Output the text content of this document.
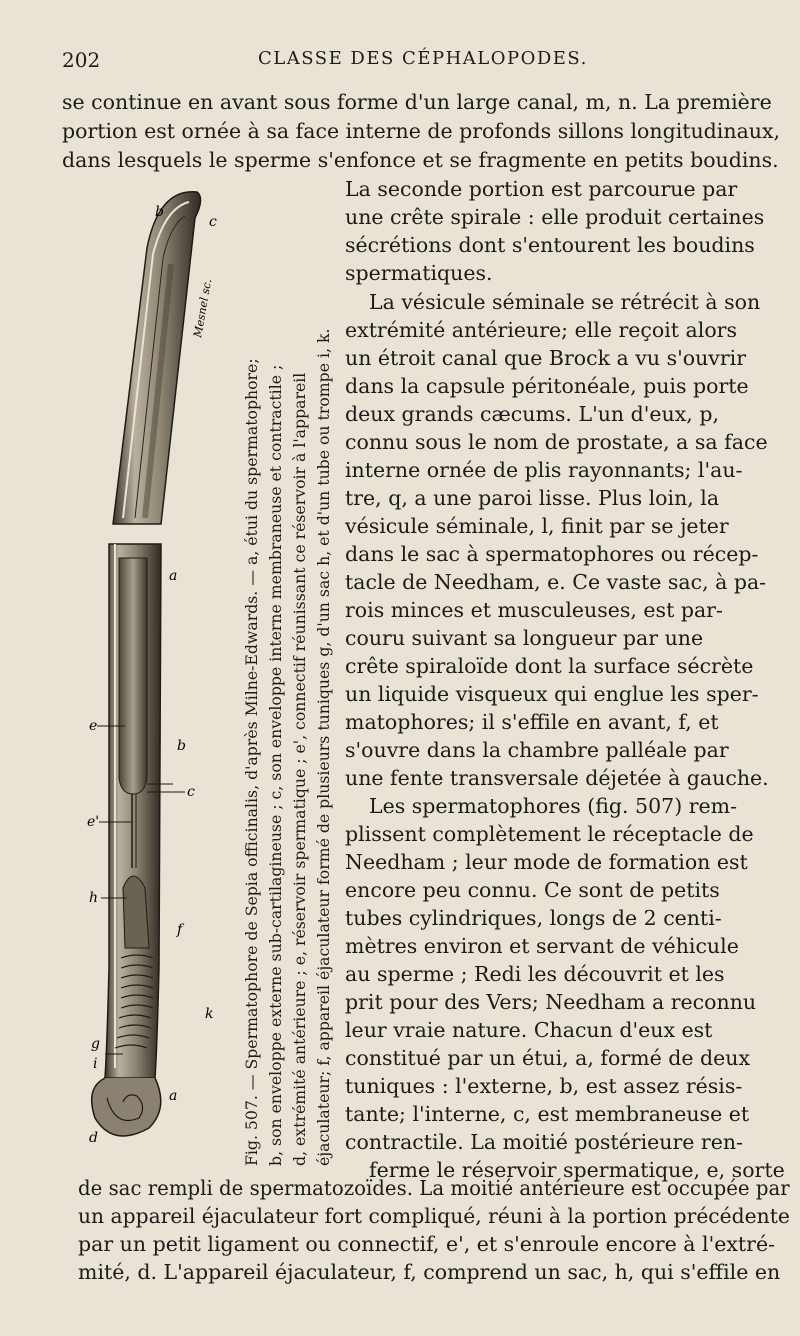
202	CLASSE DES CÉPHALOPODES.
se continue en avant sous forme d'un large canal, m, n. La première
portion est ornée à sa face interne de profonds sillons longitudinaux,
dans lesquels le sperme s'enfonce et se fragmente en petits boudins.
b
c
a
e
b
c
e'
h
f
k
g
i
a
d
Mesnel sc.
Fig. 507. — Spermatophore de Sepia officinalis, d'après Milne-Edwards. — a, étui du spermatophore; b, son enveloppe externe sub-cartilagineuse ; c, son enveloppe interne membraneuse et contractile ; d, extrémité antérieure ; e, réservoir spermatique ; e', connectif réunissant ce réservoir à l'appareil éjaculateur; f, appareil éjaculateur formé de plusieurs tuniques g, d'un sac h, et d'un tube ou trompe i, k.
La seconde portion est parcourue par
une crête spirale : elle produit certaines
sécrétions dont s'entourent les boudins
spermatiques.
La vésicule séminale se rétrécit à son
extrémité antérieure; elle reçoit alors
un étroit canal que Brock a vu s'ouvrir
dans la capsule péritonéale, puis porte
deux grands cæcums. L'un d'eux, p,
connu sous le nom de prostate, a sa face
interne ornée de plis rayonnants; l'au-
tre, q, a une paroi lisse. Plus loin, la
vésicule séminale, l, finit par se jeter
dans le sac à spermatophores ou récep-
tacle de Needham, e. Ce vaste sac, à pa-
rois minces et musculeuses, est par-
couru suivant sa longueur par une
crête spiraloïde dont la surface sécrète
un liquide visqueux qui englue les sper-
matophores; il s'effile en avant, f, et
s'ouvre dans la chambre palléale par
une fente transversale déjetée à gauche.
Les spermatophores (fig. 507) rem-
plissent complètement le réceptacle de
Needham ; leur mode de formation est
encore peu connu. Ce sont de petits
tubes cylindriques, longs de 2 centi-
mètres environ et servant de véhicule
au sperme ; Redi les découvrit et les
prit pour des Vers; Needham a reconnu
leur vraie nature. Chacun d'eux est
constitué par un étui, a, formé de deux
tuniques : l'externe, b, est assez résis-
tante; l'interne, c, est membraneuse et
contractile. La moitié postérieure ren-
ferme le réservoir spermatique, e, sorte
de sac rempli de spermatozoïdes. La moitié antérieure est occupée par
un appareil éjaculateur fort compliqué, réuni à la portion précédente
par un petit ligament ou connectif, e', et s'enroule encore à l'extré-
mité, d. L'appareil éjaculateur, f, comprend un sac, h, qui s'effile en
